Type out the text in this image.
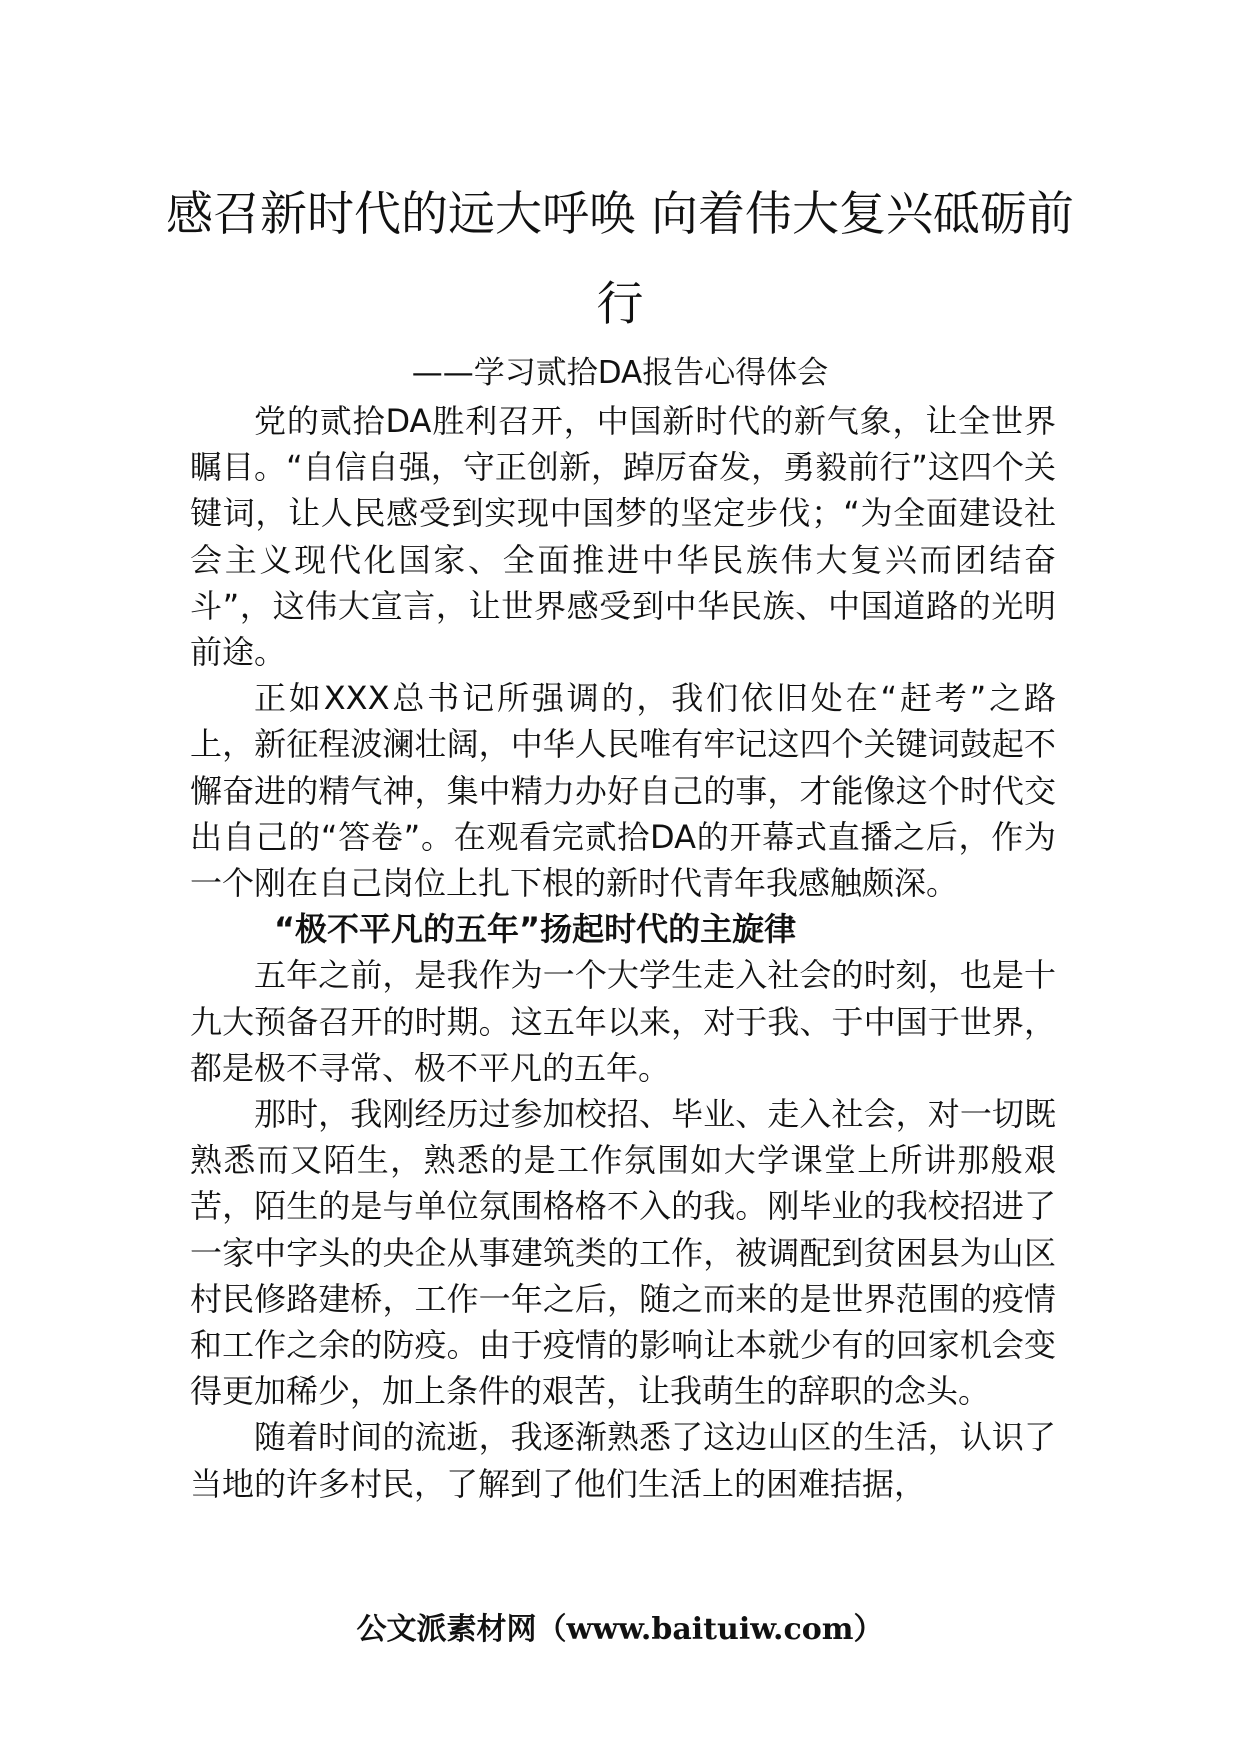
感召新时代的远大呼唤 向着伟大复兴砥砺前行
——学习贰拾DA报告心得体会

党的贰拾DA胜利召开，中国新时代的新气象，让全世界瞩目。“自信自强，守正创新，踔厉奋发，勇毅前行”这四个关键词，让人民感受到实现中国梦的坚定步伐；“为全面建设社会主义现代化国家、全面推进中华民族伟大复兴而团结奋斗”，这伟大宣言，让世界感受到中华民族、中国道路的光明前途。

正如XXX总书记所强调的，我们依旧处在“赶考”之路上，新征程波澜壮阔，中华人民唯有牢记这四个关键词鼓起不懈奋进的精气神，集中精力办好自己的事，才能像这个时代交出自己的“答卷”。在观看完贰拾DA的开幕式直播之后，作为一个刚在自己岗位上扎下根的新时代青年我感触颇深。

“极不平凡的五年”扬起时代的主旋律

五年之前，是我作为一个大学生走入社会的时刻，也是十九大预备召开的时期。这五年以来，对于我、于中国于世界，都是极不寻常、极不平凡的五年。

那时，我刚经历过参加校招、毕业、走入社会，对一切既熟悉而又陌生，熟悉的是工作氛围如大学课堂上所讲那般艰苦，陌生的是与单位氛围格格不入的我。刚毕业的我校招进了一家中字头的央企从事建筑类的工作，被调配到贫困县为山区村民修路建桥，工作一年之后，随之而来的是世界范围的疫情和工作之余的防疫。由于疫情的影响让本就少有的回家机会变得更加稀少，加上条件的艰苦，让我萌生的辞职的念头。

随着时间的流逝，我逐渐熟悉了这边山区的生活，认识了当地的许多村民，了解到了他们生活上的困难拮据，

公文派素材网（www.baituiw.com）
